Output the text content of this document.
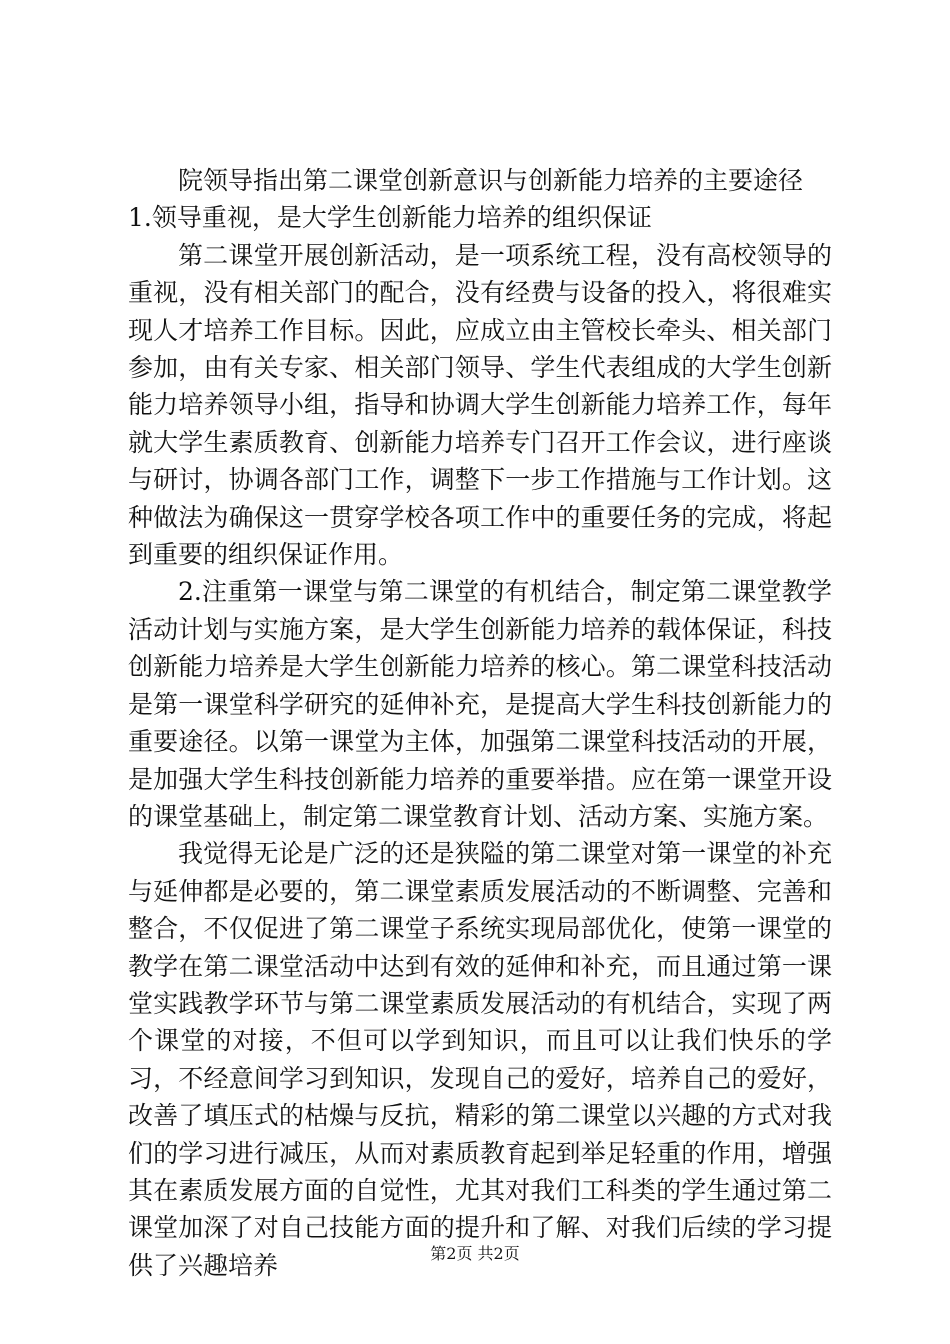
院领导指出第二课堂创新意识与创新能力培养的主要途径

1.领导重视，是大学生创新能力培养的组织保证

第二课堂开展创新活动，是一项系统工程，没有高校领导的重视，没有相关部门的配合，没有经费与设备的投入，将很难实现人才培养工作目标。因此，应成立由主管校长牵头、相关部门参加，由有关专家、相关部门领导、学生代表组成的大学生创新能力培养领导小组，指导和协调大学生创新能力培养工作，每年就大学生素质教育、创新能力培养专门召开工作会议，进行座谈与研讨，协调各部门工作，调整下一步工作措施与工作计划。这种做法为确保这一贯穿学校各项工作中的重要任务的完成，将起到重要的组织保证作用。

2.注重第一课堂与第二课堂的有机结合，制定第二课堂教学活动计划与实施方案，是大学生创新能力培养的载体保证，科技创新能力培养是大学生创新能力培养的核心。第二课堂科技活动是第一课堂科学研究的延伸补充，是提高大学生科技创新能力的重要途径。以第一课堂为主体，加强第二课堂科技活动的开展，是加强大学生科技创新能力培养的重要举措。应在第一课堂开设的课堂基础上，制定第二课堂教育计划、活动方案、实施方案。

我觉得无论是广泛的还是狭隘的第二课堂对第一课堂的补充与延伸都是必要的，第二课堂素质发展活动的不断调整、完善和整合，不仅促进了第二课堂子系统实现局部优化，使第一课堂的教学在第二课堂活动中达到有效的延伸和补充，而且通过第一课堂实践教学环节与第二课堂素质发展活动的有机结合，实现了两个课堂的对接，不但可以学到知识，而且可以让我们快乐的学习，不经意间学习到知识，发现自己的爱好，培养自己的爱好，改善了填压式的枯燥与反抗，精彩的第二课堂以兴趣的方式对我们的学习进行减压，从而对素质教育起到举足轻重的作用，增强其在素质发展方面的自觉性，尤其对我们工科类的学生通过第二课堂加深了对自己技能方面的提升和了解、对我们后续的学习提供了兴趣培养	第2页 共2页
